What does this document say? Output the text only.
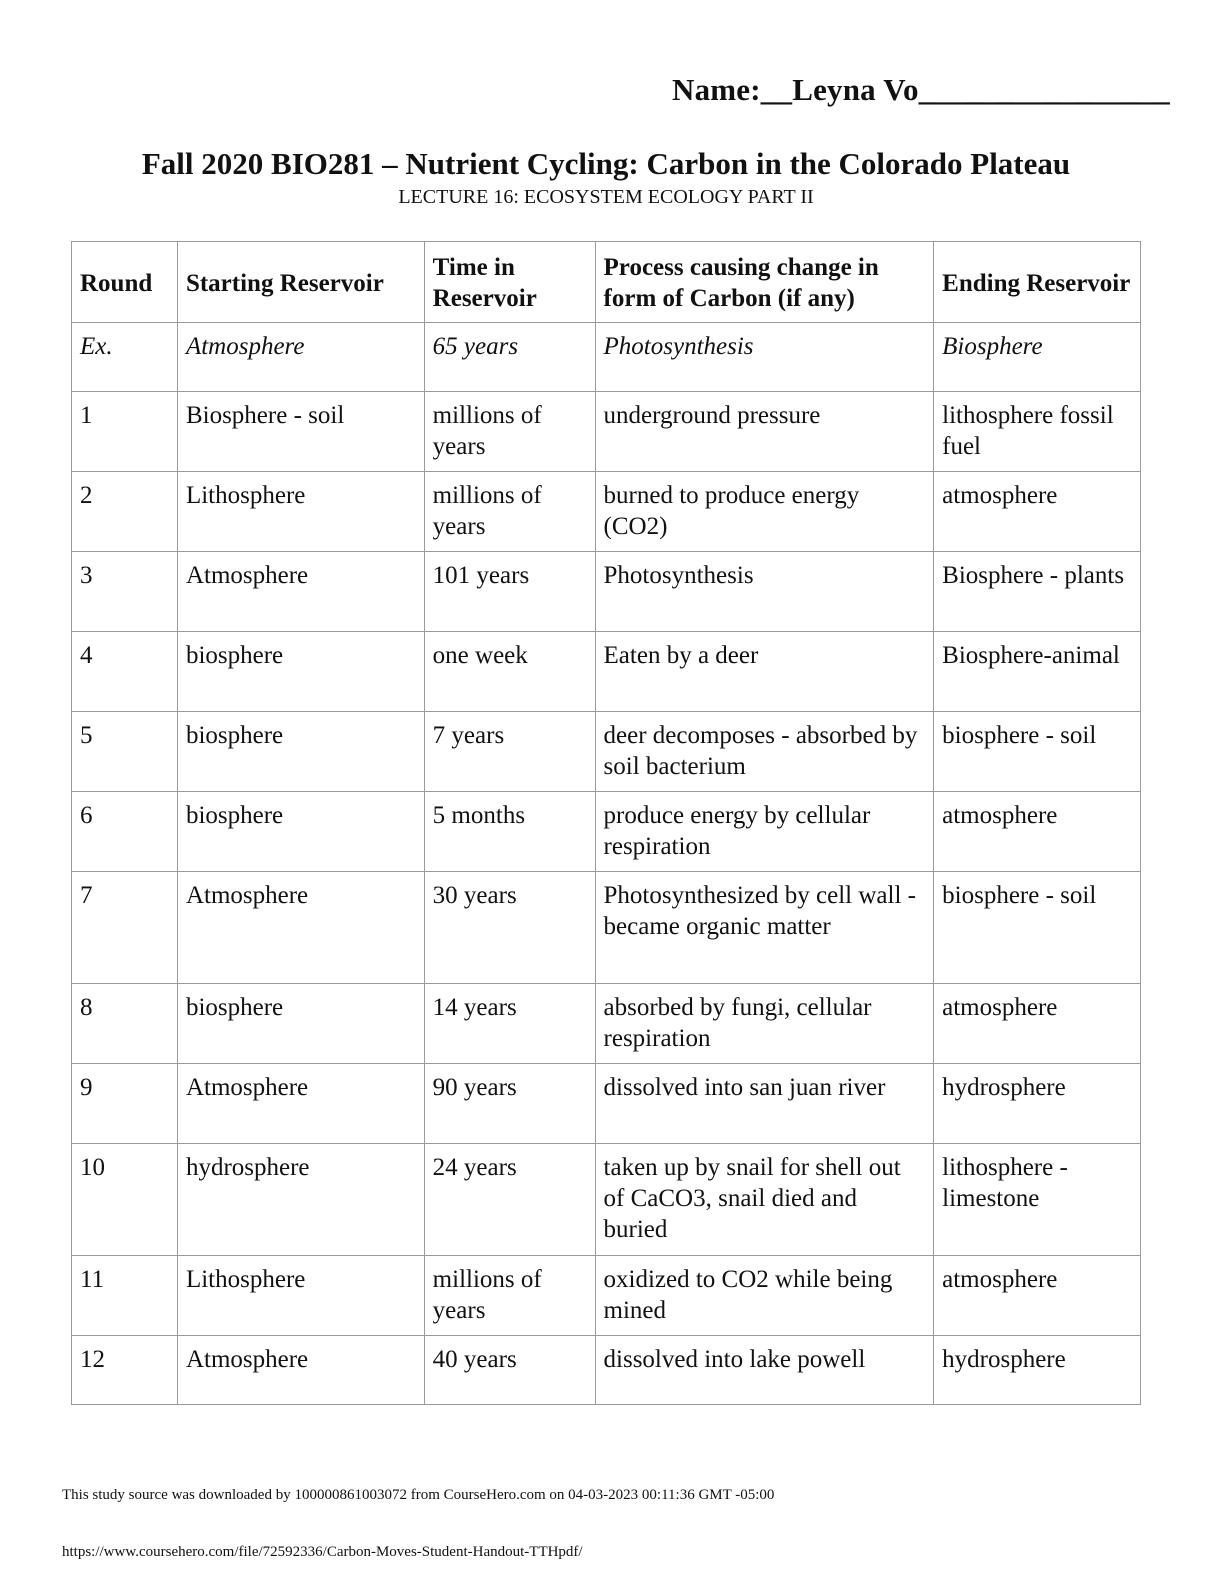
Name:__Leyna Vo________________
Fall 2020 BIO281 – Nutrient Cycling: Carbon in the Colorado Plateau
LECTURE 16: ECOSYSTEM ECOLOGY PART II
Round	Starting Reservoir	Time in Reservoir	Process causing change in form of Carbon (if any)	Ending Reservoir
Ex.	Atmosphere	65 years	Photosynthesis	Biosphere
1	Biosphere - soil	millions of years	underground pressure	lithosphere fossil fuel
2	Lithosphere	millions of years	burned to produce energy (CO2)	atmosphere
3	Atmosphere	101 years	Photosynthesis	Biosphere - plants
4	biosphere	one week	Eaten by a deer	Biosphere-animal
5	biosphere	7 years	deer decomposes - absorbed by soil bacterium	biosphere - soil
6	biosphere	5 months	produce energy by cellular respiration	atmosphere
7	Atmosphere	30 years	Photosynthesized by cell wall - became organic matter	biosphere - soil
8	biosphere	14 years	absorbed by fungi, cellular respiration	atmosphere
9	Atmosphere	90 years	dissolved into san juan river	hydrosphere
10	hydrosphere	24 years	taken up by snail for shell out of CaCO3, snail died and buried	lithosphere - limestone
11	Lithosphere	millions of years	oxidized to CO2 while being mined	atmosphere
12	Atmosphere	40 years	dissolved into lake powell	hydrosphere
This study source was downloaded by 100000861003072 from CourseHero.com on 04-03-2023 00:11:36 GMT -05:00
https://www.coursehero.com/file/72592336/Carbon-Moves-Student-Handout-TTHpdf/
